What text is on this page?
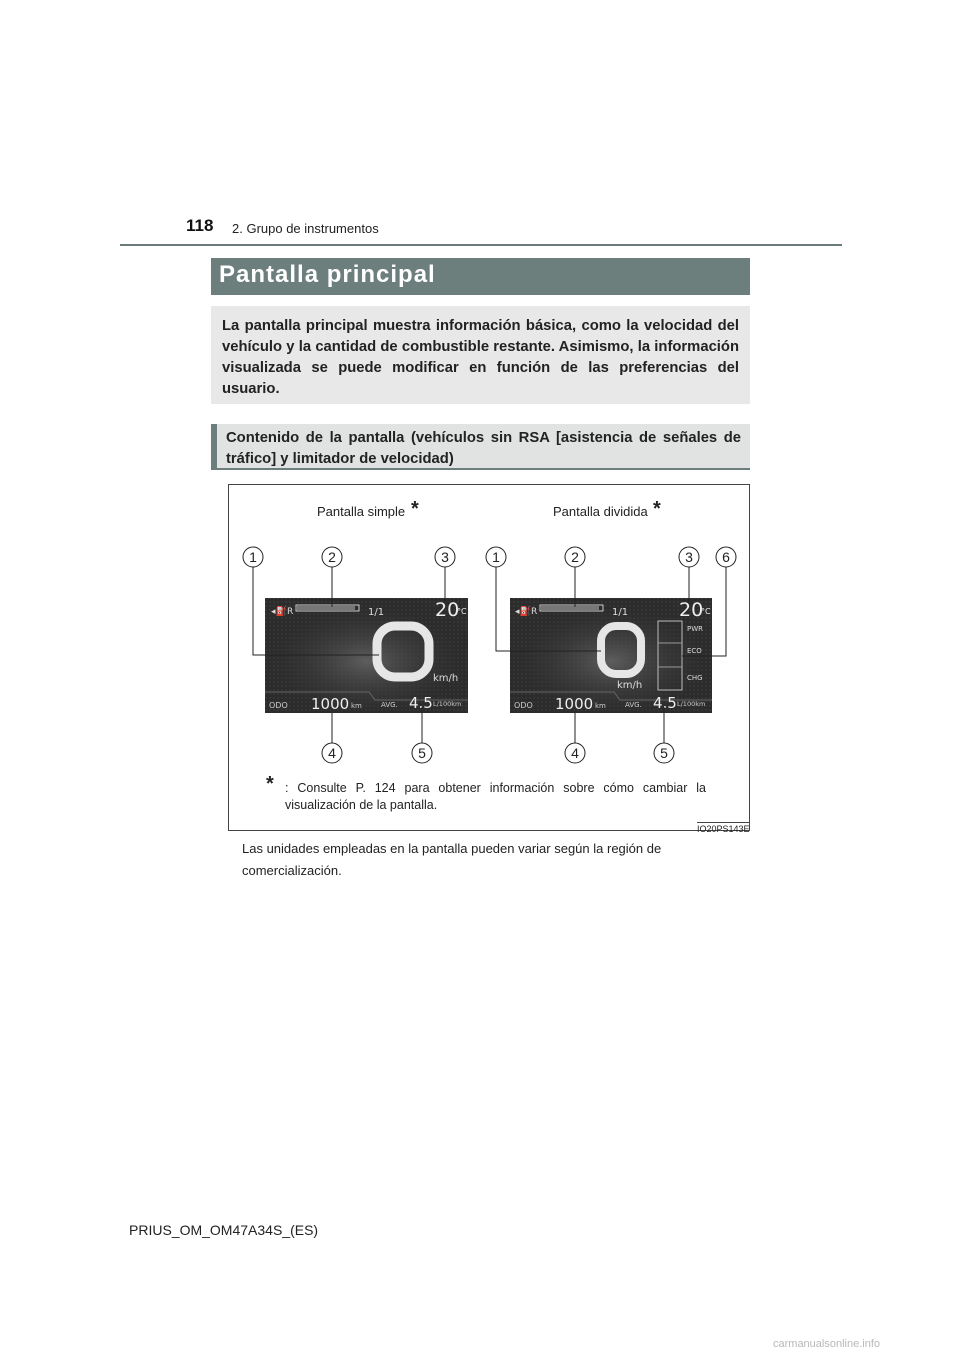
118 2. Grupo de instrumentos
Pantalla principal
La pantalla principal muestra información básica, como la velocidad del vehículo y la cantidad de combustible restante. Asimismo, la información visualizada se puede modificar en función de las preferencias del usuario.
Contenido de la pantalla (vehículos sin RSA [asistencia de señales de tráfico] y limitador de velocidad)
Pantalla simple *	Pantalla dividida *
◂⛽ R	1/1	20
°C
km/h
ODO 1000 km	AVG. 4.5 L/100km
1	2	3
4	5
◂⛽ R	1/1	20
°C
km/h
PWR
ECO
CHG
ODO 1000 km	AVG. 4.5 L/100km
1	2	3 6
4	5
* : Consulte P. 124 para obtener información sobre cómo cambiar la visualización de la pantalla.
IO20PS143E
Las unidades empleadas en la pantalla pueden variar según la región de comercialización.
PRIUS_OM_OM47A34S_(ES)
carmanualsonline.info
